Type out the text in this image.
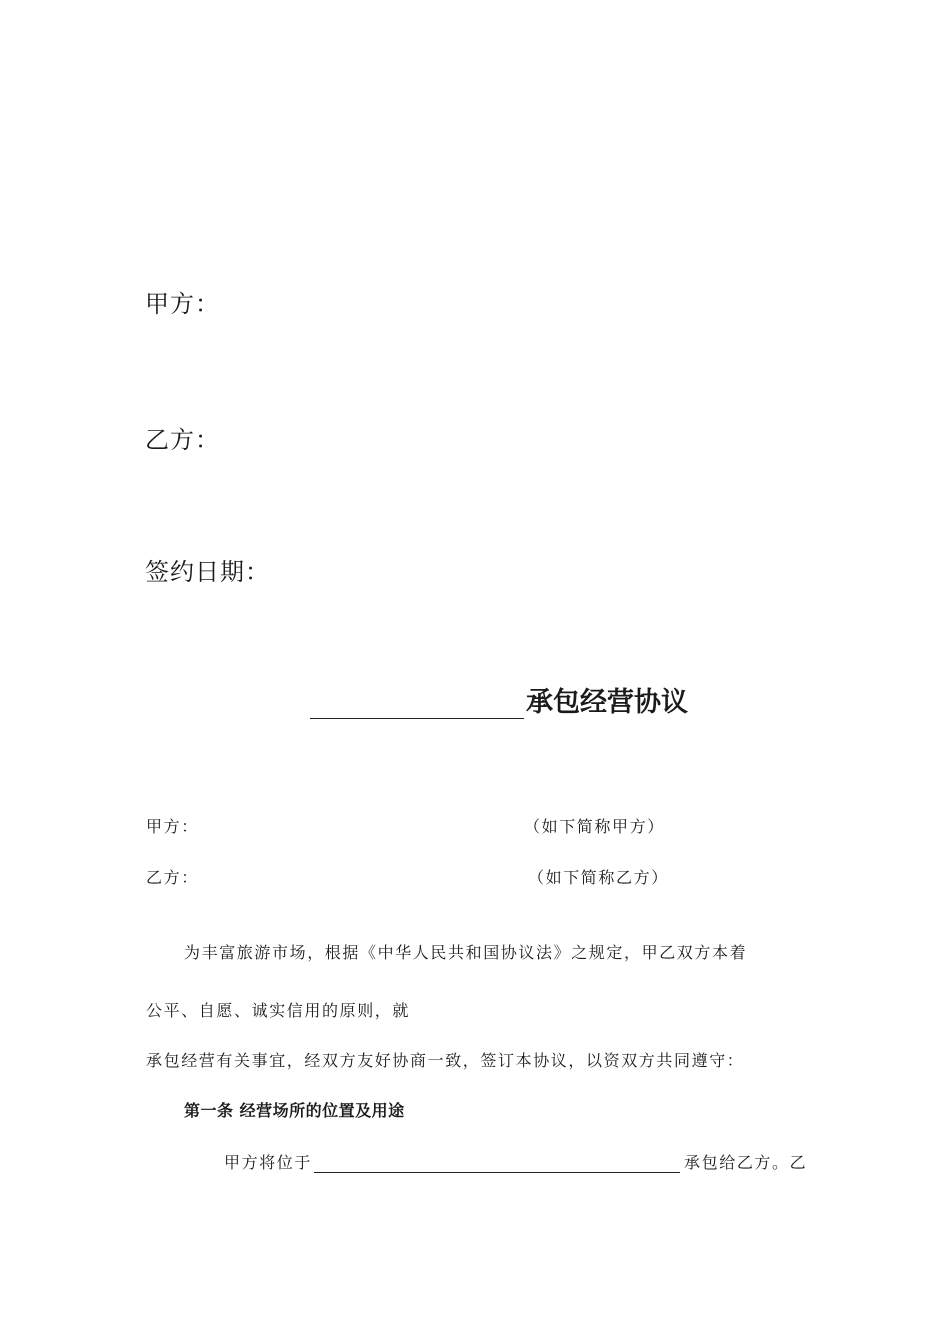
甲方：
乙方：
签约日期：
承包经营协议
甲方：	（如下简称甲方）
乙方：	（如下简称乙方）
为丰富旅游市场，根据《中华人民共和国协议法》之规定，甲乙双方本着
公平、自愿、诚实信用的原则，就
承包经营有关事宜，经双方友好协商一致，签订本协议，以资双方共同遵守：
第一条 经营场所的位置及用途
甲方将位于	承包给乙方。乙
